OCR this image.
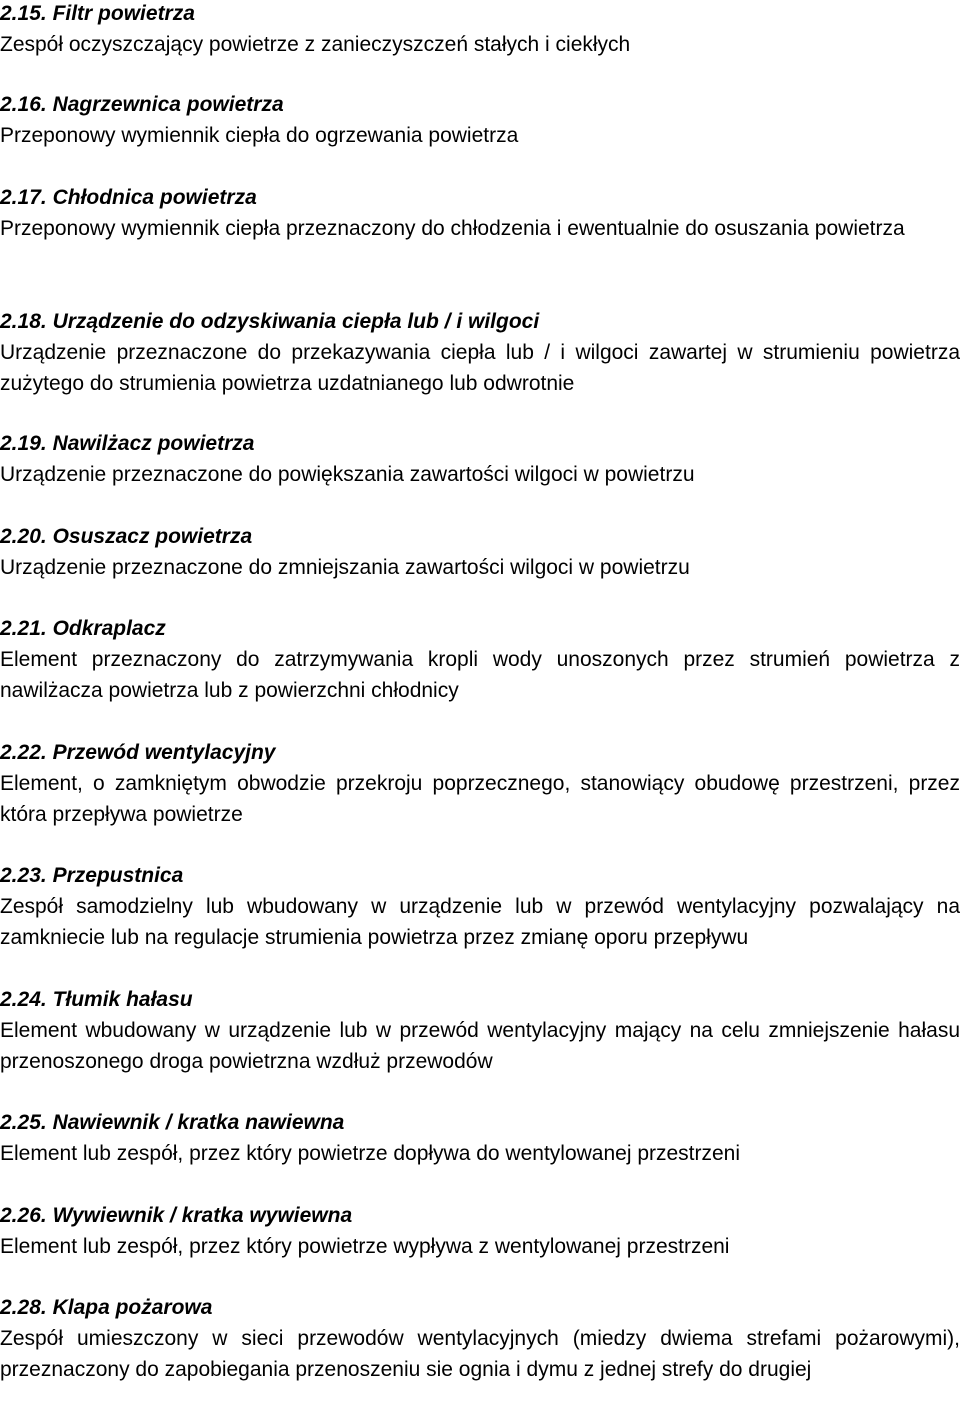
2.15. Filtr powietrza
Zespół oczyszczający powietrze z zanieczyszczeń stałych i ciekłych
2.16. Nagrzewnica powietrza
Przeponowy wymiennik ciepła do ogrzewania powietrza
2.17. Chłodnica powietrza
Przeponowy wymiennik ciepła przeznaczony do chłodzenia i ewentualnie do osuszania powietrza
2.18. Urządzenie do odzyskiwania ciepła lub / i wilgoci
Urządzenie przeznaczone do przekazywania ciepła lub / i wilgoci zawartej w strumieniu powietrza zużytego do strumienia powietrza uzdatnianego lub odwrotnie
2.19. Nawilżacz powietrza
Urządzenie przeznaczone do powiększania zawartości wilgoci w powietrzu
2.20. Osuszacz powietrza
Urządzenie przeznaczone do zmniejszania zawartości wilgoci w powietrzu
2.21. Odkraplacz
Element przeznaczony do zatrzymywania kropli wody unoszonych przez strumień powietrza z nawilżacza powietrza lub z powierzchni chłodnicy
2.22. Przewód wentylacyjny
Element, o zamkniętym obwodzie przekroju poprzecznego, stanowiący obudowę przestrzeni, przez która przepływa powietrze
2.23. Przepustnica
Zespół samodzielny lub wbudowany w urządzenie lub w przewód wentylacyjny pozwalający na zamkniecie lub na regulacje strumienia powietrza przez zmianę oporu przepływu
2.24. Tłumik hałasu
Element wbudowany w urządzenie lub w przewód wentylacyjny mający na celu zmniejszenie hałasu przenoszonego droga powietrzna wzdłuż przewodów
2.25. Nawiewnik / kratka nawiewna
Element lub zespół, przez który powietrze dopływa do wentylowanej przestrzeni
2.26. Wywiewnik / kratka wywiewna
Element lub zespół, przez który powietrze wypływa z wentylowanej przestrzeni
2.28. Klapa pożarowa
Zespół umieszczony w sieci przewodów wentylacyjnych (miedzy dwiema strefami pożarowymi), przeznaczony do zapobiegania przenoszeniu sie ognia i dymu z jednej strefy do drugiej
